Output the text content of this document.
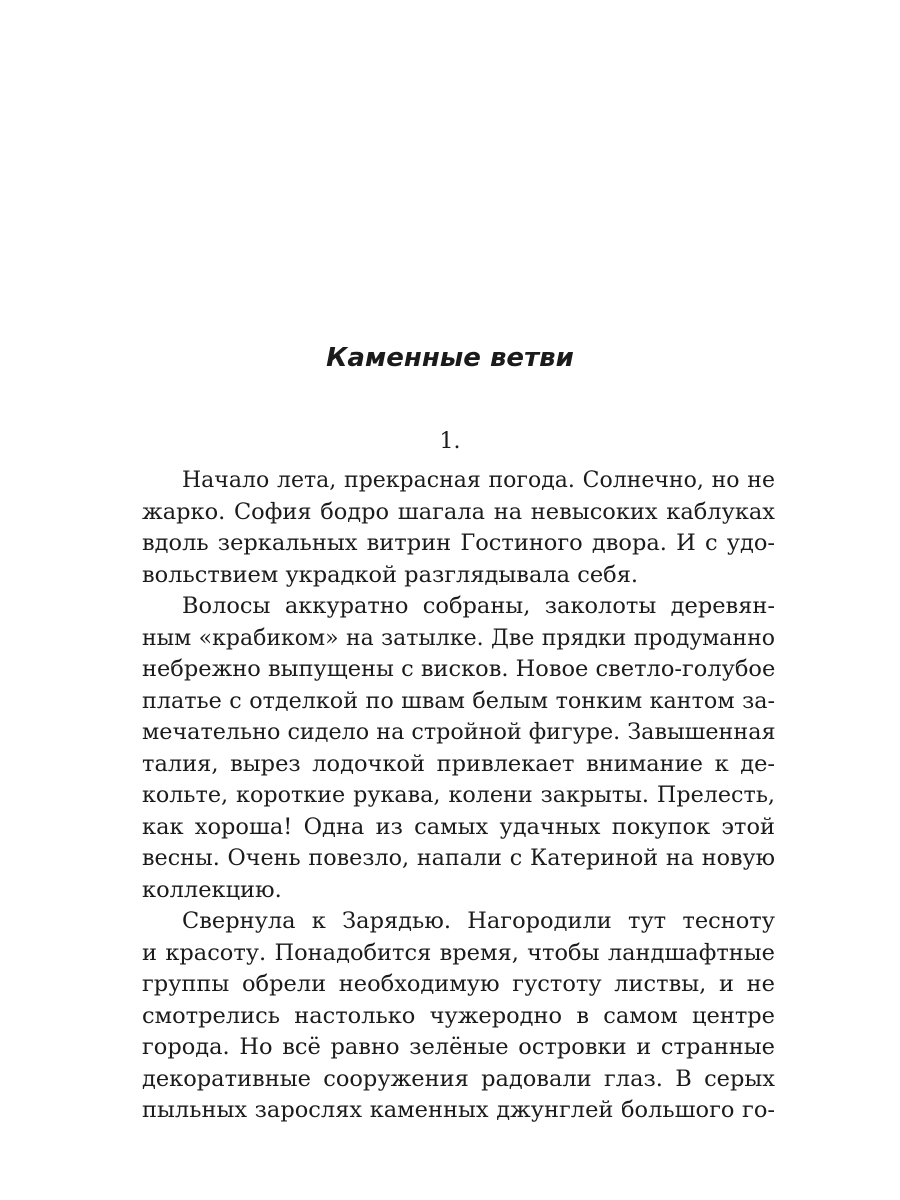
Каменные ветви
1.
Начало лета, прекрасная погода. Солнечно, но не
жарко. София бодро шагала на невысоких каблуках
вдоль зеркальных витрин Гостиного двора. И с удо-
вольствием украдкой разглядывала себя.
Волосы аккуратно собраны, заколоты деревян-
ным «крабиком» на затылке. Две прядки продуманно
небрежно выпущены с висков. Новое светло-голубое
платье с отделкой по швам белым тонким кантом за-
мечательно сидело на стройной фигуре. Завышенная
талия, вырез лодочкой привлекает внимание к де-
кольте, короткие рукава, колени закрыты. Прелесть,
как хороша! Одна из самых удачных покупок этой
весны. Очень повезло, напали с Катериной на новую
коллекцию.
Свернула к Зарядью. Нагородили тут тесноту
и красоту. Понадобится время, чтобы ландшафтные
группы обрели необходимую густоту листвы, и не
смотрелись настолько чужеродно в самом центре
города. Но всё равно зелёные островки и странные
декоративные сооружения радовали глаз. В серых
пыльных зарослях каменных джунглей большого го-
